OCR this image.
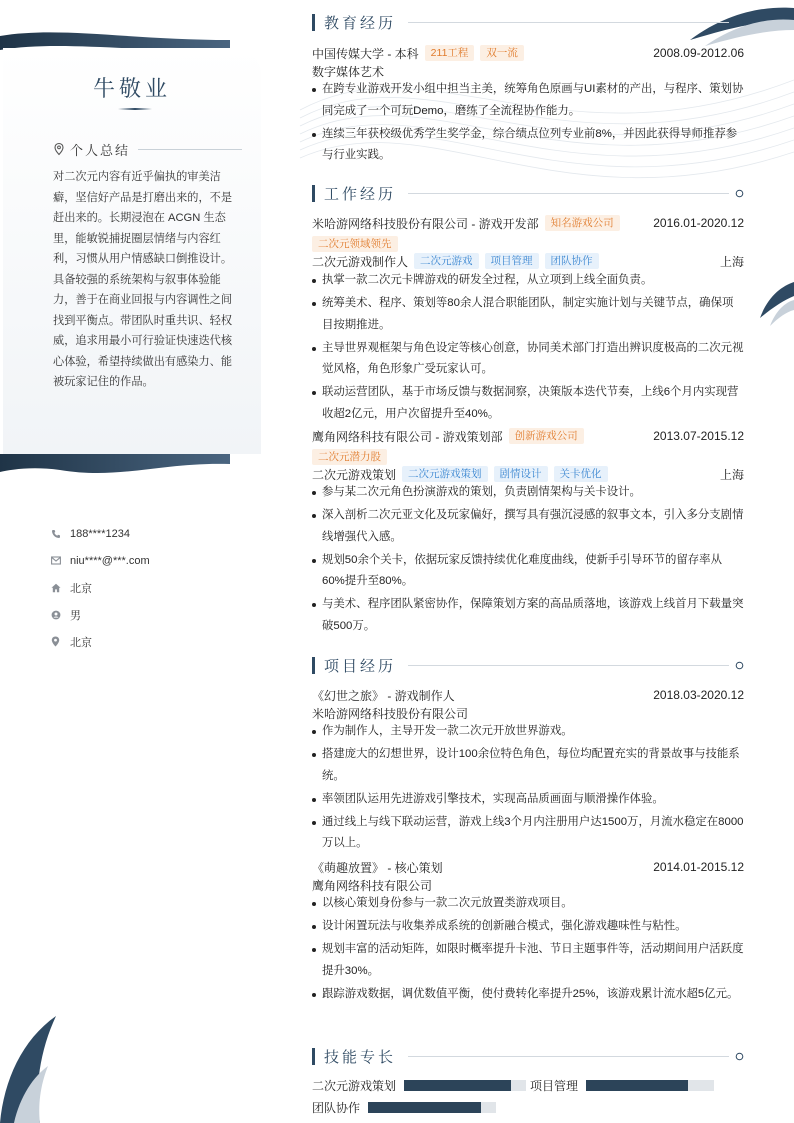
牛敬业
个人总结
对二次元内容有近乎偏执的审美洁癖，坚信好产品是打磨出来的，不是赶出来的。长期浸泡在 ACGN 生态里，能敏锐捕捉圈层情绪与内容红利，习惯从用户情感缺口倒推设计。具备较强的系统架构与叙事体验能力，善于在商业回报与内容调性之间找到平衡点。带团队时重共识、轻权威，追求用最小可行验证快速迭代核心体验，希望持续做出有感染力、能被玩家记住的作品。
188****1234
niu****@***.com
北京
男
北京
教育经历
中国传媒大学 - 本科	211工程	双一流	2008.09-2012.06
数字媒体艺术
在跨专业游戏开发小组中担当主美，统筹角色原画与UI素材的产出，与程序、策划协同完成了一个可玩Demo，磨练了全流程协作能力。
连续三年获校级优秀学生奖学金，综合绩点位列专业前8%，并因此获得导师推荐参与行业实践。
工作经历
米哈游网络科技股份有限公司 - 游戏开发部	知名游戏公司	2016.01-2020.12
二次元领域领先
二次元游戏制作人	二次元游戏	项目管理	团队协作	上海
执掌一款二次元卡牌游戏的研发全过程，从立项到上线全面负责。
统筹美术、程序、策划等80余人混合职能团队，制定实施计划与关键节点，确保项目按期推进。
主导世界观框架与角色设定等核心创意，协同美术部门打造出辨识度极高的二次元视觉风格，角色形象广受玩家认可。
联动运营团队，基于市场反馈与数据洞察，决策版本迭代节奏，上线6个月内实现营收超2亿元，用户次留提升至40%。
鹰角网络科技有限公司 - 游戏策划部	创新游戏公司	2013.07-2015.12
二次元潜力股
二次元游戏策划	二次元游戏策划	剧情设计	关卡优化	上海
参与某二次元角色扮演游戏的策划，负责剧情架构与关卡设计。
深入剖析二次元亚文化及玩家偏好，撰写具有强沉浸感的叙事文本，引入多分支剧情线增强代入感。
规划50余个关卡，依据玩家反馈持续优化难度曲线，使新手引导环节的留存率从60%提升至80%。
与美术、程序团队紧密协作，保障策划方案的高品质落地，该游戏上线首月下载量突破500万。
项目经历
《幻世之旅》 - 游戏制作人	2018.03-2020.12
米哈游网络科技股份有限公司
作为制作人，主导开发一款二次元开放世界游戏。
搭建庞大的幻想世界，设计100余位特色角色，每位均配置充实的背景故事与技能系统。
率领团队运用先进游戏引擎技术，实现高品质画面与顺滑操作体验。
通过线上与线下联动运营，游戏上线3个月内注册用户达1500万，月流水稳定在8000万以上。
《萌趣放置》 - 核心策划	2014.01-2015.12
鹰角网络科技有限公司
以核心策划身份参与一款二次元放置类游戏项目。
设计闲置玩法与收集养成系统的创新融合模式，强化游戏趣味性与粘性。
规划丰富的活动矩阵，如限时概率提升卡池、节日主题事件等，活动期间用户活跃度提升30%。
跟踪游戏数据，调优数值平衡，使付费转化率提升25%，该游戏累计流水超5亿元。
技能专长
二次元游戏策划	项目管理
团队协作
